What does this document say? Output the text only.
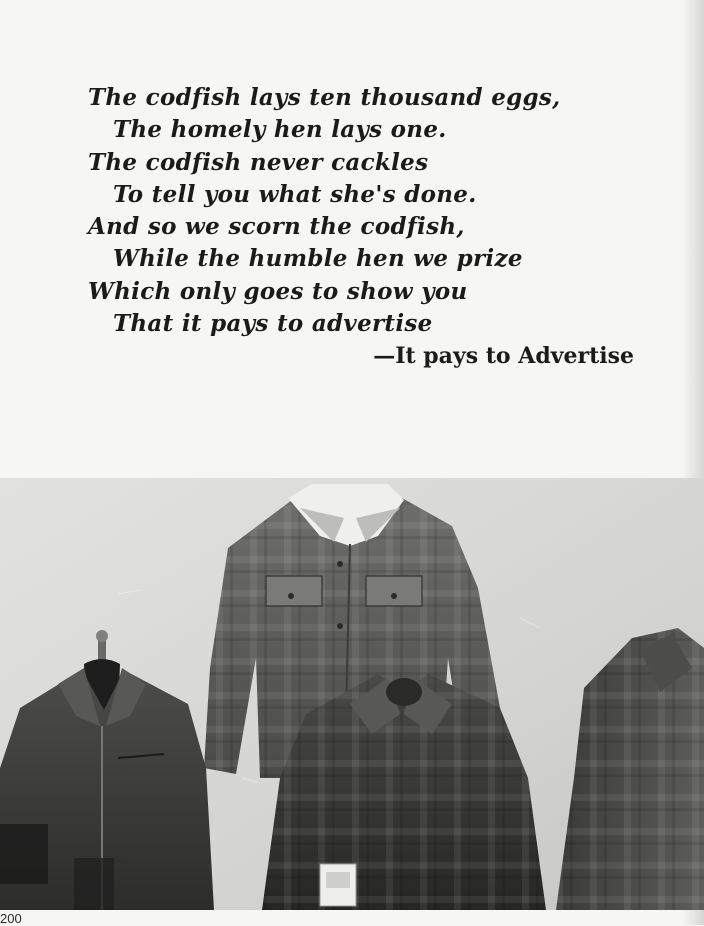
The codfish lays ten thousand eggs,
The homely hen lays one.
The codfish never cackles
To tell you what she's done.
And so we scorn the codfish,
While the humble hen we prize
Which only goes to show you
That it pays to advertise
—It pays to Advertise
200
